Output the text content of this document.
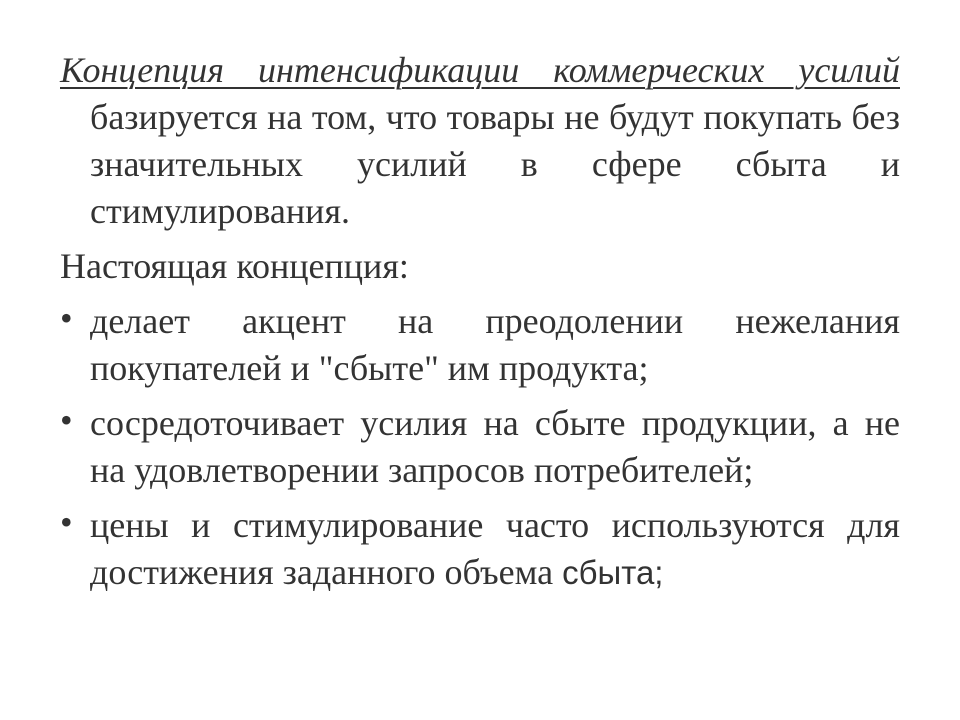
Концепция интенсификации коммерческих усилий базируется на том, что товары не будут покупать без значительных усилий в сфере сбыта и стимулирования.

Настоящая концепция:

• делает акцент на преодолении нежелания покупателей и "сбыте" им продукта;
• сосредоточивает усилия на сбыте продукции, а не на удовлетворении запросов потребителей;
• цены и стимулирование часто используются для достижения заданного объема сбыта;
